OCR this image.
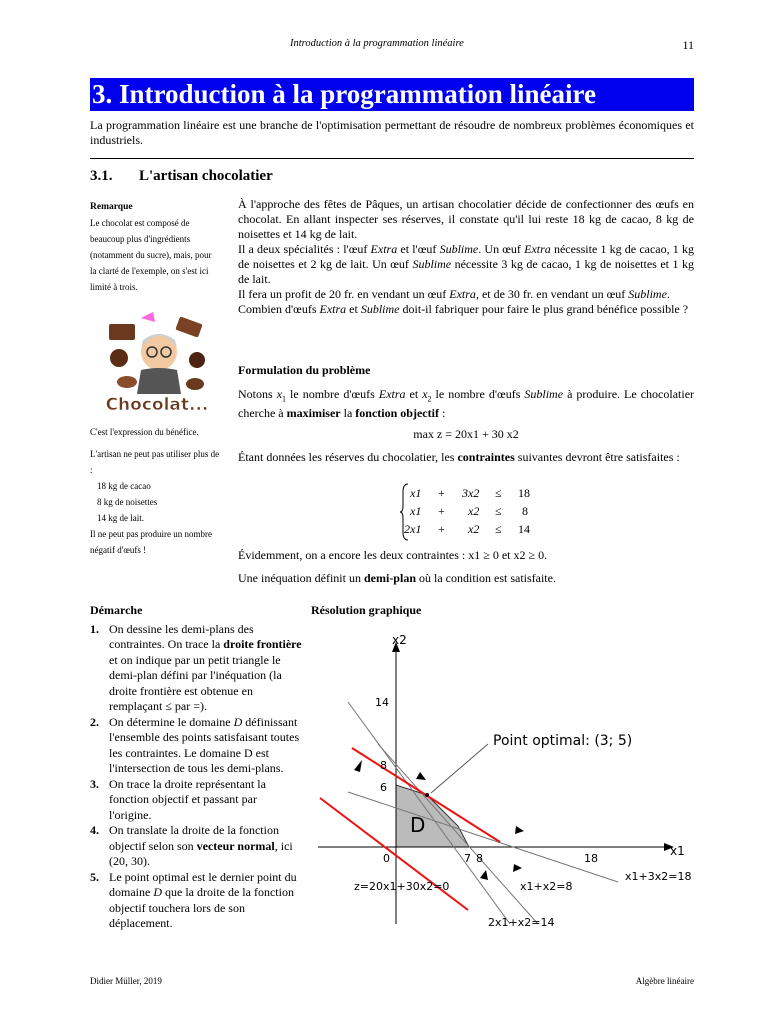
Introduction à la programmation linéaire	11
3. Introduction à la programmation linéaire
La programmation linéaire est une branche de l'optimisation permettant de résoudre de nombreux problèmes économiques et industriels.
3.1. L'artisan chocolatier
Remarque
Le chocolat est composé de beaucoup plus d'ingrédients (notamment du sucre), mais, pour la clarté de l'exemple, on s'est ici limité à trois.
Chocolat...
C'est l'expression du bénéfice.
L'artisan ne peut pas utiliser plus de :
18 kg de cacao
8 kg de noisettes
14 kg de lait.
Il ne peut pas produire un nombre négatif d'œufs !

À l'approche des fêtes de Pâques, un artisan chocolatier décide de confectionner des œufs en chocolat. En allant inspecter ses réserves, il constate qu'il lui reste 18 kg de cacao, 8 kg de noisettes et 14 kg de lait.

Il a deux spécialités : l'œuf Extra et l'œuf Sublime. Un œuf Extra nécessite 1 kg de cacao, 1 kg de noisettes et 2 kg de lait. Un œuf Sublime nécessite 3 kg de cacao, 1 kg de noisettes et 1 kg de lait.

Il fera un profit de 20 fr. en vendant un œuf Extra, et de 30 fr. en vendant un œuf Sublime.

Combien d'œufs Extra et Sublime doit-il fabriquer pour faire le plus grand bénéfice possible ?

Formulation du problème
Notons $x_1$ le nombre d'œufs Extra et $x_2$ le nombre d'œufs Sublime à produire. Le chocolatier cherche à maximiser la fonction objectif :
max z = 20x1 + 30 x2
Étant données les réserves du chocolatier, les contraintes suivantes devront être satisfaites :
x1 + 3x2 ≤ 18
x1 + x2 ≤ 8
2x1 + x2 ≤ 14
Évidemment, on a encore les deux contraintes : x1 ≥ 0 et x2 ≥ 0.
Une inéquation définit un demi-plan où la condition est satisfaite.
Démarche
1. On dessine les demi-plans des contraintes. On trace la droite frontière et on indique par un petit triangle le demi-plan défini par l'inéquation (la droite frontière est obtenue en remplaçant ≤ par =).
2. On détermine le domaine D définissant l'ensemble des points satisfaisant toutes les contraintes. Le domaine D est l'intersection de tous les demi-plans.
3. On trace la droite représentant la fonction objectif et passant par l'origine.
4. On translate la droite de la fonction objectif selon son vecteur normal, ici (20, 30).
5. Le point optimal est le dernier point du domaine D que la droite de la fonction objectif touchera lors de son déplacement.
Résolution graphique
x2
x1
Point optimal: (3; 5)
D
14
8
6
0	7 8	18
x1+3x2=18
x1+x2=8
2x1+x2=14
z=20x1+30x2=0
Didier Müller, 2019	Algèbre linéaire
